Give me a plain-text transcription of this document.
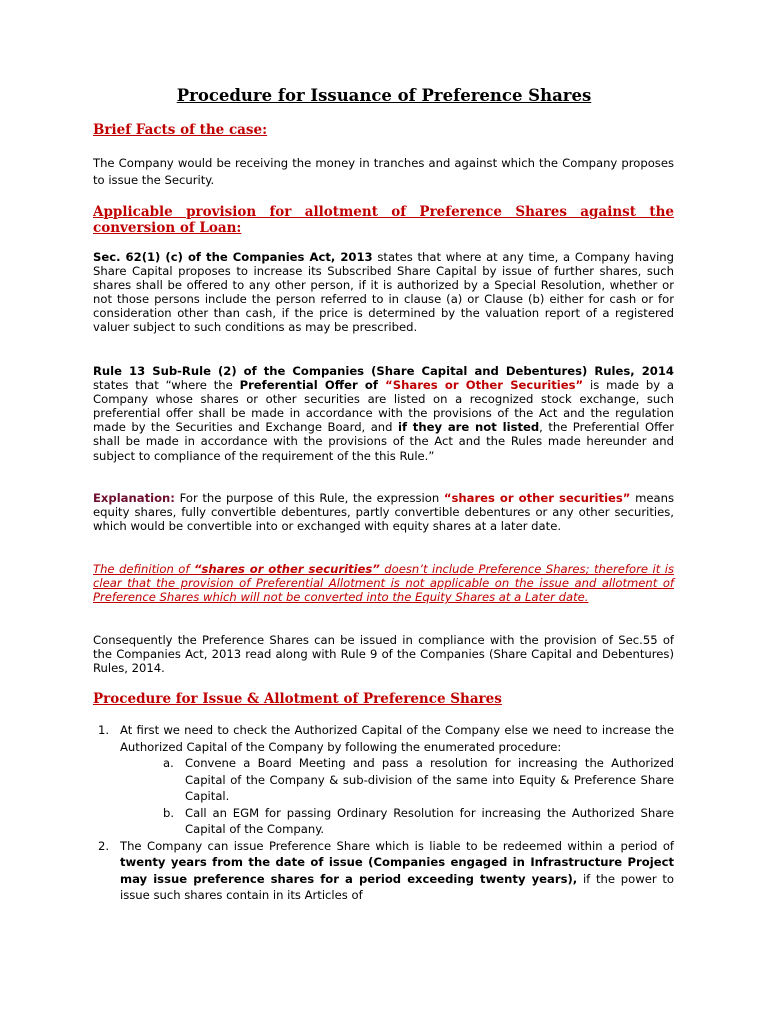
Procedure for Issuance of Preference Shares
Brief Facts of the case:

The Company would be receiving the money in tranches and against which the Company proposes to issue the Security.

Applicable provision for allotment of Preference Shares against the conversion of Loan:

Sec. 62(1) (c) of the Companies Act, 2013 states that where at any time, a Company having Share Capital proposes to increase its Subscribed Share Capital by issue of further shares, such shares shall be offered to any other person, if it is authorized by a Special Resolution, whether or not those persons include the person referred to in clause (a) or Clause (b) either for cash or for consideration other than cash, if the price is determined by the valuation report of a registered valuer subject to such conditions as may be prescribed.

Rule 13 Sub-Rule (2) of the Companies (Share Capital and Debentures) Rules, 2014 states that “where the Preferential Offer of “Shares or Other Securities” is made by a Company whose shares or other securities are listed on a recognized stock exchange, such preferential offer shall be made in accordance with the provisions of the Act and the regulation made by the Securities and Exchange Board, and if they are not listed, the Preferential Offer shall be made in accordance with the provisions of the Act and the Rules made hereunder and subject to compliance of the requirement of the this Rule.”

Explanation: For the purpose of this Rule, the expression “shares or other securities” means equity shares, fully convertible debentures, partly convertible debentures or any other securities, which would be convertible into or exchanged with equity shares at a later date.

The definition of “shares or other securities” doesn’t include Preference Shares; therefore it is clear that the provision of Preferential Allotment is not applicable on the issue and allotment of Preference Shares which will not be converted into the Equity Shares at a Later date.

Consequently the Preference Shares can be issued in compliance with the provision of Sec.55 of the Companies Act, 2013 read along with Rule 9 of the Companies (Share Capital and Debentures) Rules, 2014.

Procedure for Issue & Allotment of Preference Shares
1. At first we need to check the Authorized Capital of the Company else we need to increase the Authorized Capital of the Company by following the enumerated procedure:
a. Convene a Board Meeting and pass a resolution for increasing the Authorized Capital of the Company & sub-division of the same into Equity & Preference Share Capital.
b. Call an EGM for passing Ordinary Resolution for increasing the Authorized Share Capital of the Company.
2. The Company can issue Preference Share which is liable to be redeemed within a period of twenty years from the date of issue (Companies engaged in Infrastructure Project may issue preference shares for a period exceeding twenty years), if the power to issue such shares contain in its Articles of
